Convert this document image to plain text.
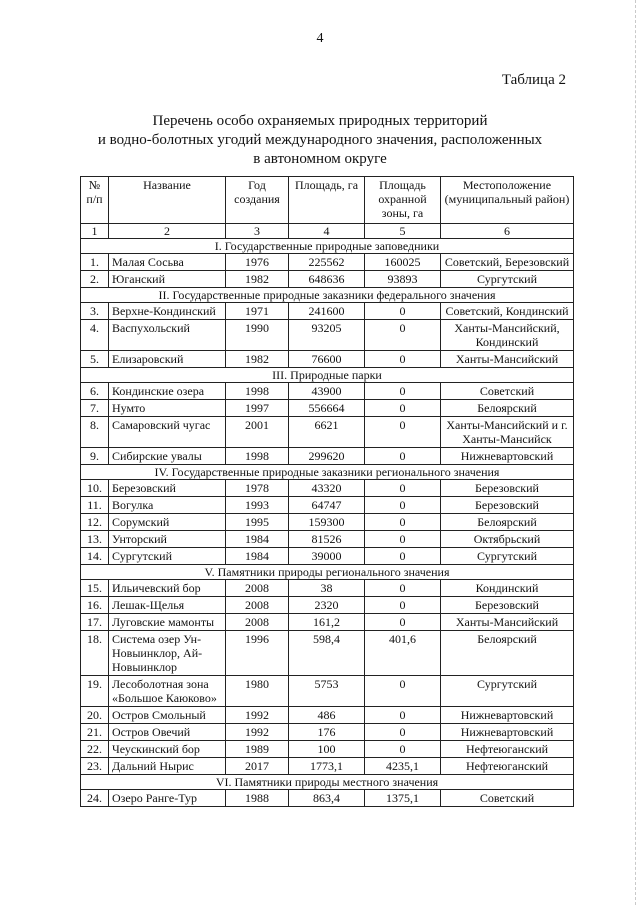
4
Таблица 2
Перечень особо охраняемых природных территорий
и водно-болотных угодий международного значения, расположенных
в автономном округе
№ п/п	Название	Год создания	Площадь, га	Площадь охранной зоны, га	Местоположение (муниципальный район)
1	2	3	4	5	6
I. Государственные природные заповедники					
1.	Малая Сосьва	1976	225562	160025	Советский, Березовский
2.	Юганский	1982	648636	93893	Сургутский
II. Государственные природные заказники федерального значения					
3.	Верхне-Кондинский	1971	241600	0	Советский, Кондинский
4.	Васпухольский	1990	93205	0	Ханты-Мансийский, Кондинский
5.	Елизаровский	1982	76600	0	Ханты-Мансийский
III. Природные парки					
6.	Кондинские озера	1998	43900	0	Советский
7.	Нумто	1997	556664	0	Белоярский
8.	Самаровский чугас	2001	6621	0	Ханты-Мансийский и г. Ханты-Мансийск
9.	Сибирские увалы	1998	299620	0	Нижневартовский
IV. Государственные природные заказники регионального значения					
10.	Березовский	1978	43320	0	Березовский
11.	Вогулка	1993	64747	0	Березовский
12.	Сорумский	1995	159300	0	Белоярский
13.	Унторский	1984	81526	0	Октябрьский
14.	Сургутский	1984	39000	0	Сургутский
V. Памятники природы регионального значения					
15.	Ильичевский бор	2008	38	0	Кондинский
16.	Лешак-Щелья	2008	2320	0	Березовский
17.	Луговские мамонты	2008	161,2	0	Ханты-Мансийский
18.	Система озер Ун-Новыинклор, Ай-Новыинклор	1996	598,4	401,6	Белоярский
19.	Лесоболотная зона «Большое Каюково»	1980	5753	0	Сургутский
20.	Остров Смольный	1992	486	0	Нижневартовский
21.	Остров Овечий	1992	176	0	Нижневартовский
22.	Чеускинский бор	1989	100	0	Нефтеюганский
23.	Дальний Нырис	2017	1773,1	4235,1	Нефтеюганский
VI. Памятники природы местного значения					
24.	Озеро Ранге-Тур	1988	863,4	1375,1	Советский
